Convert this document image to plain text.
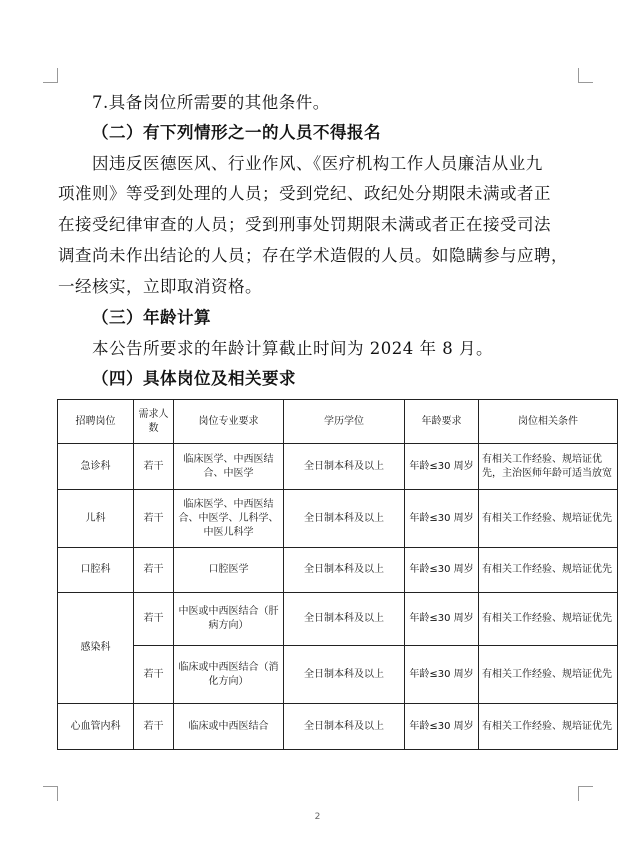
7.具备岗位所需要的其他条件。
（二）有下列情形之一的人员不得报名
因违反医德医风、行业作风、《医疗机构工作人员廉洁从业九
项准则》等受到处理的人员；受到党纪、政纪处分期限未满或者正
在接受纪律审查的人员；受到刑事处罚期限未满或者正在接受司法
调查尚未作出结论的人员；存在学术造假的人员。如隐瞒参与应聘，
一经核实，立即取消资格。
（三）年龄计算
本公告所要求的年龄计算截止时间为 2024 年 8 月。
（四）具体岗位及相关要求
招聘岗位	需求人数	岗位专业要求	学历学位	年龄要求	岗位相关条件
急诊科	若干	临床医学、中西医结合、中医学	全日制本科及以上	年龄≤30 周岁	有相关工作经验、规培证优先，主治医师年龄可适当放宽
儿科	若干	临床医学、中西医结合、中医学、儿科学、中医儿科学	全日制本科及以上	年龄≤30 周岁	有相关工作经验、规培证优先
口腔科	若干	口腔医学	全日制本科及以上	年龄≤30 周岁	有相关工作经验、规培证优先
感染科	若干	中医或中西医结合（肝病方向）	全日制本科及以上	年龄≤30 周岁	有相关工作经验、规培证优先
	若干	临床或中西医结合（消化方向）	全日制本科及以上	年龄≤30 周岁	有相关工作经验、规培证优先
心血管内科	若干	临床或中西医结合	全日制本科及以上	年龄≤30 周岁	有相关工作经验、规培证优先
2
